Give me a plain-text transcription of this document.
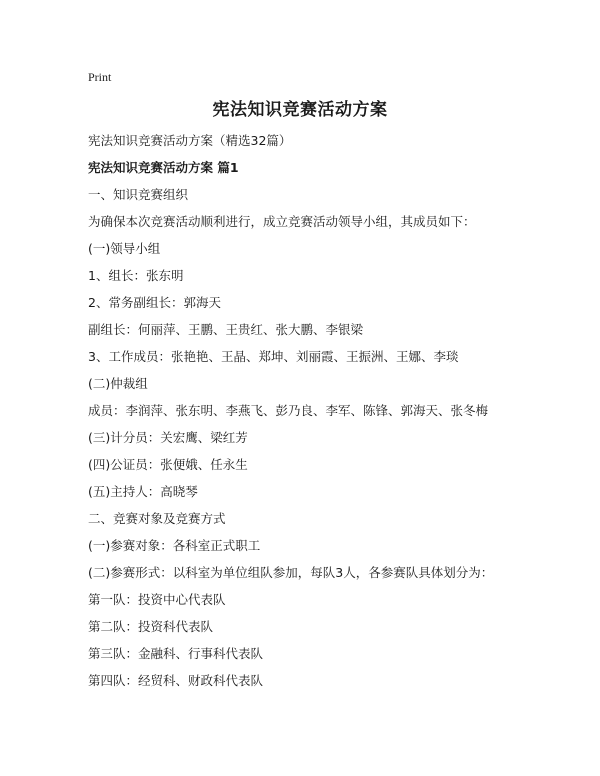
Print
宪法知识竞赛活动方案
宪法知识竞赛活动方案（精选32篇）
宪法知识竞赛活动方案 篇1
一、知识竞赛组织
为确保本次竞赛活动顺利进行，成立竞赛活动领导小组，其成员如下：
(一)领导小组
1、组长：张东明
2、常务副组长：郭海天
副组长：何丽萍、王鹏、王贵红、张大鹏、李银梁
3、工作成员：张艳艳、王晶、郑坤、刘丽霞、王振洲、王娜、李琰
(二)仲裁组
成员：李润萍、张东明、李燕飞、彭乃良、李军、陈锋、郭海天、张冬梅
(三)计分员：关宏鹰、梁红芳
(四)公证员：张便娥、任永生
(五)主持人：高晓琴
二、竞赛对象及竞赛方式
(一)参赛对象：各科室正式职工
(二)参赛形式：以科室为单位组队参加，每队3人，各参赛队具体划分为：
第一队：投资中心代表队
第二队：投资科代表队
第三队：金融科、行事科代表队
第四队：经贸科、财政科代表队
